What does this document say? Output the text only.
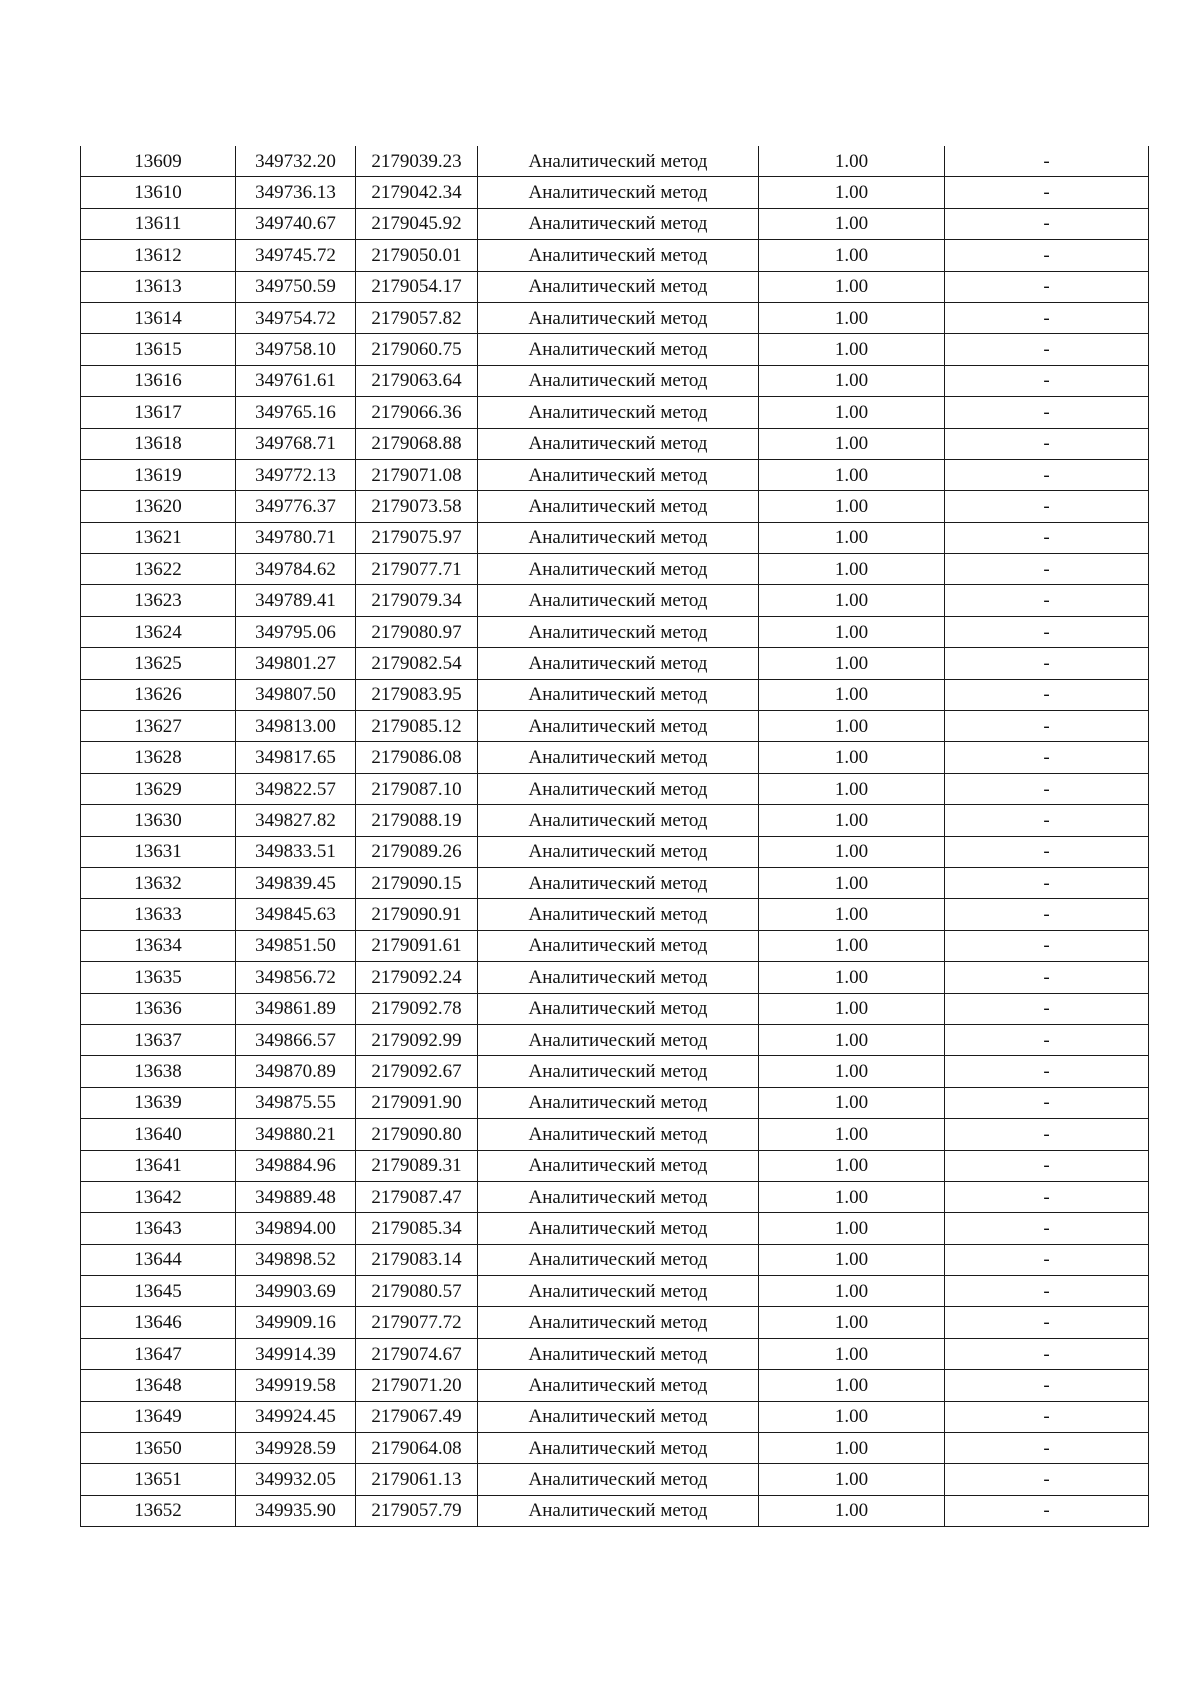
13609	349732.20	2179039.23	Аналитический метод	1.00	-
13610	349736.13	2179042.34	Аналитический метод	1.00	-
13611	349740.67	2179045.92	Аналитический метод	1.00	-
13612	349745.72	2179050.01	Аналитический метод	1.00	-
13613	349750.59	2179054.17	Аналитический метод	1.00	-
13614	349754.72	2179057.82	Аналитический метод	1.00	-
13615	349758.10	2179060.75	Аналитический метод	1.00	-
13616	349761.61	2179063.64	Аналитический метод	1.00	-
13617	349765.16	2179066.36	Аналитический метод	1.00	-
13618	349768.71	2179068.88	Аналитический метод	1.00	-
13619	349772.13	2179071.08	Аналитический метод	1.00	-
13620	349776.37	2179073.58	Аналитический метод	1.00	-
13621	349780.71	2179075.97	Аналитический метод	1.00	-
13622	349784.62	2179077.71	Аналитический метод	1.00	-
13623	349789.41	2179079.34	Аналитический метод	1.00	-
13624	349795.06	2179080.97	Аналитический метод	1.00	-
13625	349801.27	2179082.54	Аналитический метод	1.00	-
13626	349807.50	2179083.95	Аналитический метод	1.00	-
13627	349813.00	2179085.12	Аналитический метод	1.00	-
13628	349817.65	2179086.08	Аналитический метод	1.00	-
13629	349822.57	2179087.10	Аналитический метод	1.00	-
13630	349827.82	2179088.19	Аналитический метод	1.00	-
13631	349833.51	2179089.26	Аналитический метод	1.00	-
13632	349839.45	2179090.15	Аналитический метод	1.00	-
13633	349845.63	2179090.91	Аналитический метод	1.00	-
13634	349851.50	2179091.61	Аналитический метод	1.00	-
13635	349856.72	2179092.24	Аналитический метод	1.00	-
13636	349861.89	2179092.78	Аналитический метод	1.00	-
13637	349866.57	2179092.99	Аналитический метод	1.00	-
13638	349870.89	2179092.67	Аналитический метод	1.00	-
13639	349875.55	2179091.90	Аналитический метод	1.00	-
13640	349880.21	2179090.80	Аналитический метод	1.00	-
13641	349884.96	2179089.31	Аналитический метод	1.00	-
13642	349889.48	2179087.47	Аналитический метод	1.00	-
13643	349894.00	2179085.34	Аналитический метод	1.00	-
13644	349898.52	2179083.14	Аналитический метод	1.00	-
13645	349903.69	2179080.57	Аналитический метод	1.00	-
13646	349909.16	2179077.72	Аналитический метод	1.00	-
13647	349914.39	2179074.67	Аналитический метод	1.00	-
13648	349919.58	2179071.20	Аналитический метод	1.00	-
13649	349924.45	2179067.49	Аналитический метод	1.00	-
13650	349928.59	2179064.08	Аналитический метод	1.00	-
13651	349932.05	2179061.13	Аналитический метод	1.00	-
13652	349935.90	2179057.79	Аналитический метод	1.00	-
